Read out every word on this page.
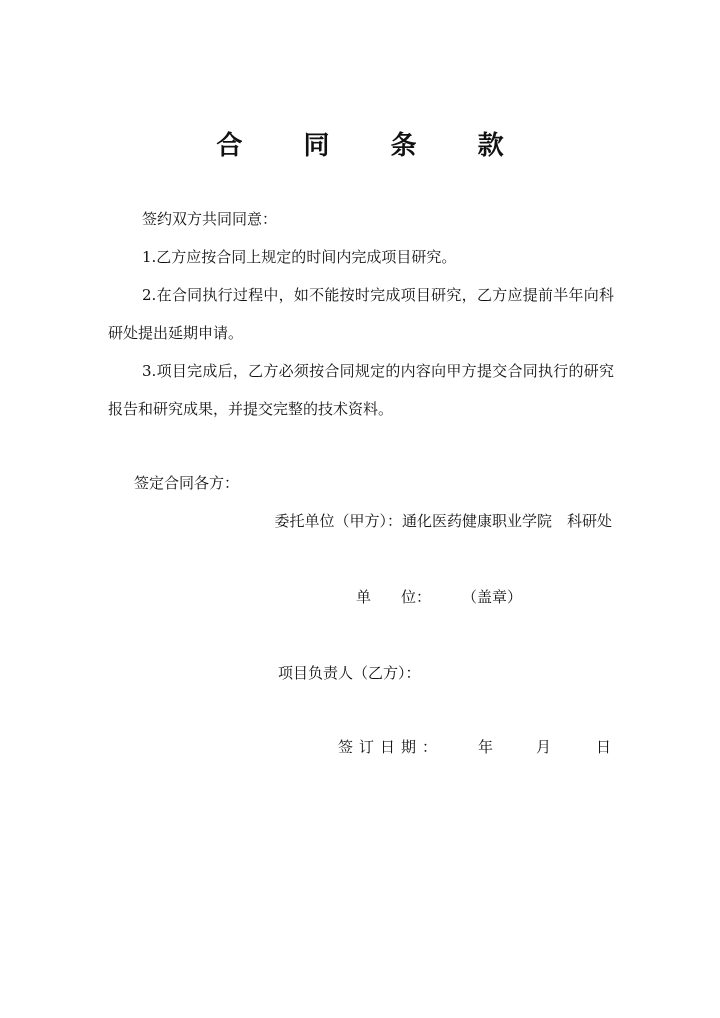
合 同 条 款

签约双方共同同意：

1.乙方应按合同上规定的时间内完成项目研究。

2.在合同执行过程中，如不能按时完成项目研究，乙方应提前半年向科研处提出延期申请。

3.项目完成后，乙方必须按合同规定的内容向甲方提交合同执行的研究报告和研究成果，并提交完整的技术资料。

签定合同各方：
委托单位（甲方）：通化医药健康职业学院　科研处
单　　位： （盖章）
项目负责人（乙方）：
签订日期： 年	月	日
